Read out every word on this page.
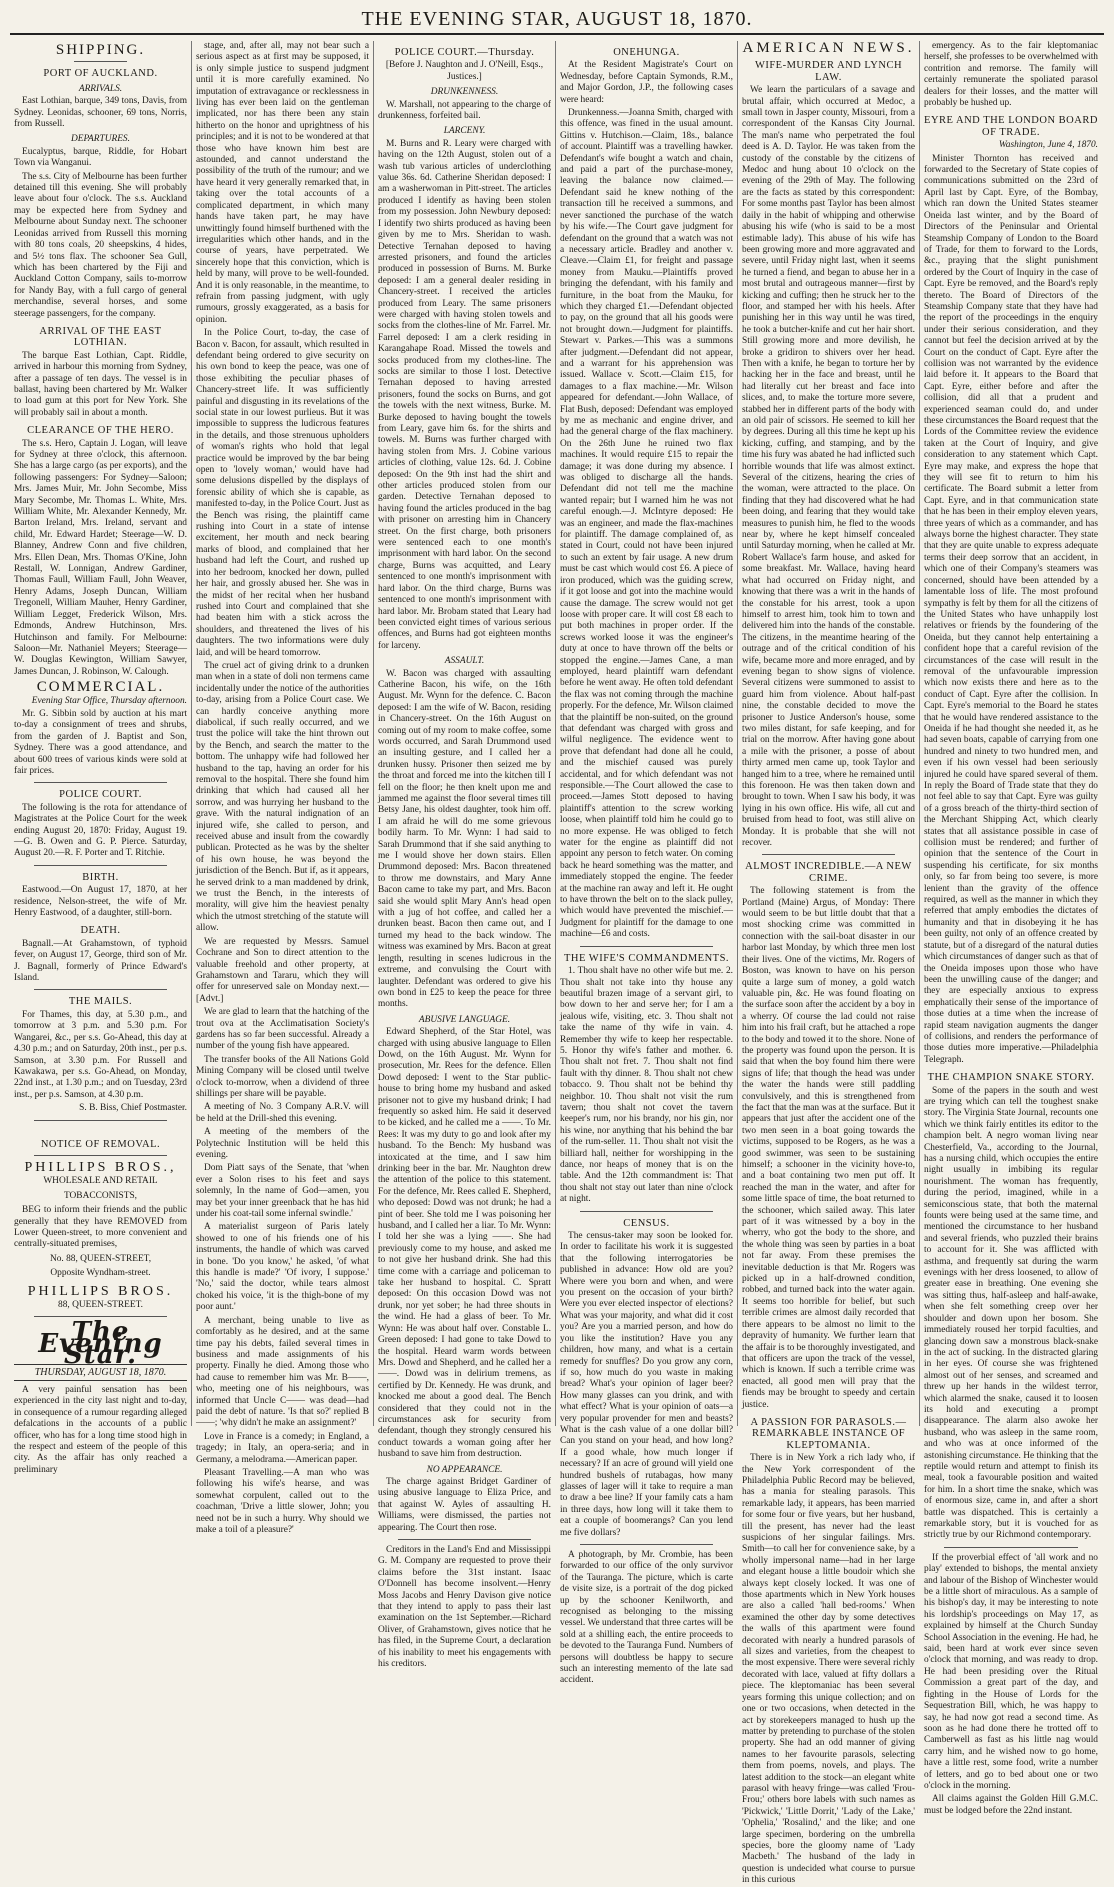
THE EVENING STAR, AUGUST 18, 1870.
SHIPPING.
PORT OF AUCKLAND.
ARRIVALS.

East Lothian, barque, 349 tons, Davis, from Sydney. Leonidas, schooner, 69 tons, Norris, from Russell.

DEPARTURES.

Eucalyptus, barque, Riddle, for Hobart Town via Wanganui.

The s.s. City of Melbourne has been further detained till this evening. She will probably leave about four o'clock. The s.s. Auckland may be expected here from Sydney and Melbourne about Sunday next. The schooner Leonidas arrived from Russell this morning with 80 tons coals, 20 sheepskins, 4 hides, and 5½ tons flax. The schooner Sea Gull, which has been chartered by the Fiji and Auckland Cotton Company, sails to-morrow for Nandy Bay, with a full cargo of general merchandise, several horses, and some steerage passengers, for the company.

ARRIVAL OF THE EAST LOTHIAN.

The barque East Lothian, Capt. Riddle, arrived in harbour this morning from Sydney, after a passage of ten days. The vessel is in ballast, having been chartered by Mr. Walker to load gum at this port for New York. She will probably sail in about a month.

CLEARANCE OF THE HERO.

The s.s. Hero, Captain J. Logan, will leave for Sydney at three o'clock, this afternoon. She has a large cargo (as per exports), and the following passengers: For Sydney—Saloon; Mrs. James Muir, Mr. John Secombe, Miss Mary Secombe, Mr. Thomas L. White, Mrs. William White, Mr. Alexander Kennedy, Mr. Barton Ireland, Mrs. Ireland, servant and child, Mr. Edward Hardet; Steerage—W. D. Blanney, Andrew Conn and five children, Mrs. Ellen Dean, Mrs. Thomas O'Kine, John Restall, W. Lonnigan, Andrew Gardiner, Thomas Faull, William Faull, John Weaver, Henry Adams, Joseph Duncan, William Tregonell, William Mauher, Henry Gardiner, William Legget, Frederick Wilson, Mrs. Edmonds, Andrew Hutchinson, Mrs. Hutchinson and family. For Melbourne: Saloon—Mr. Nathaniel Meyers; Steerage—W. Douglas Kewington, William Sawyer, James Duncan, J. Robinson, W. Calough.

COMMERCIAL.

Evening Star Office, Thursday afternoon.

Mr. G. Sibbin sold by auction at his mart to-day a consignment of trees and shrubs, from the garden of J. Baptist and Son, Sydney. There was a good attendance, and about 600 trees of various kinds were sold at fair prices.

POLICE COURT.

The following is the rota for attendance of Magistrates at the Police Court for the week ending August 20, 1870: Friday, August 19.—G. B. Owen and G. P. Pierce. Saturday, August 20.—R. F. Porter and T. Ritchie.

BIRTH.

Eastwood.—On August 17, 1870, at her residence, Nelson-street, the wife of Mr. Henry Eastwood, of a daughter, still-born.

DEATH.

Bagnall.—At Grahamstown, of typhoid fever, on August 17, George, third son of Mr. J. Bagnall, formerly of Prince Edward's Island.

THE MAILS.

For Thames, this day, at 5.30 p.m., and tomorrow at 3 p.m. and 5.30 p.m. For Wangarei, &c., per s.s. Go-Ahead, this day at 4.30 p.m.; and on Saturday, 20th inst., per p.s. Samson, at 3.30 p.m. For Russell and Kawakawa, per s.s. Go-Ahead, on Monday, 22nd inst., at 1.30 p.m.; and on Tuesday, 23rd inst., per p.s. Samson, at 4.30 p.m.

S. B. Biss, Chief Postmaster.

NOTICE OF REMOVAL.
PHILLIPS BROS.,
WHOLESALE AND RETAIL
TOBACCONISTS,

BEG to inform their friends and the public generally that they have REMOVED from Lower Queen-street, to more convenient and centrally-situated premises,

No. 88, QUEEN-STREET,
Opposite Wyndham-street.
PHILLIPS BROS.
88, QUEEN-STREET.
The Evening Star.
THURSDAY, AUGUST 18, 1870.

A very painful sensation has been experienced in the city last night and to-day, in consequence of a rumour regarding alleged defalcations in the accounts of a public officer, who has for a long time stood high in the respect and esteem of the people of this city. As the affair has only reached a preliminary

stage, and, after all, may not bear such a serious aspect as at first may be supposed, it is only simple justice to suspend judgment until it is more carefully examined. No imputation of extravagance or recklessness in living has ever been laid on the gentleman implicated, nor has there been any stain hitherto on the honor and uprightness of his principles; and it is not to be wondered at that those who have known him best are astounded, and cannot understand the possibility of the truth of the rumour; and we have heard it very generally remarked that, in taking over the total accounts of a complicated department, in which many hands have taken part, he may have unwittingly found himself burthened with the irregularities which other hands, and in the course of years, have perpetrated. We sincerely hope that this conviction, which is held by many, will prove to be well-founded. And it is only reasonable, in the meantime, to refrain from passing judgment, with ugly rumours, grossly exaggerated, as a basis for opinion.

In the Police Court, to-day, the case of Bacon v. Bacon, for assault, which resulted in defendant being ordered to give security on his own bond to keep the peace, was one of those exhibiting the peculiar phases of Chancery-street life. It was sufficiently painful and disgusting in its revelations of the social state in our lowest purlieus. But it was impossible to suppress the ludicrous features in the details, and those strenuous upholders of woman's rights who hold that legal practice would be improved by the bar being open to 'lovely woman,' would have had some delusions dispelled by the displays of forensic ability of which she is capable, as manifested to-day, in the Police Court. Just as the Bench was rising, the plaintiff came rushing into Court in a state of intense excitement, her mouth and neck bearing marks of blood, and complained that her husband had left the Court, and rushed up into her bedroom, knocked her down, pulled her hair, and grossly abused her. She was in the midst of her recital when her husband rushed into Court and complained that she had beaten him with a stick across the shoulders, and threatened the lives of his daughters. The two informations were duly laid, and will be heard tomorrow.

The cruel act of giving drink to a drunken man when in a state of doli non termens came incidentally under the notice of the authorities to-day, arising from a Police Court case. We can hardly conceive anything more diabolical, if such really occurred, and we trust the police will take the hint thrown out by the Bench, and search the matter to the bottom. The unhappy wife had followed her husband to the tap, having an order for his removal to the hospital. There she found him drinking that which had caused all her sorrow, and was hurrying her husband to the grave. With the natural indignation of an injured wife, she called to person, and received abuse and insult from the cowardly publican. Protected as he was by the shelter of his own house, he was beyond the jurisdiction of the Bench. But if, as it appears, he served drink to a man maddened by drink, we trust the Bench, in the interests of morality, will give him the heaviest penalty which the utmost stretching of the statute will allow.

We are requested by Messrs. Samuel Cochrane and Son to direct attention to the valuable freehold and other property, at Grahamstown and Tararu, which they will offer for unreserved sale on Monday next.—[Advt.]

We are glad to learn that the hatching of the trout ova at the Acclimatisation Society's gardens has so far been successful. Already a number of the young fish have appeared.

The transfer books of the All Nations Gold Mining Company will be closed until twelve o'clock to-morrow, when a dividend of three shillings per share will be payable.

A meeting of No. 3 Company A.R.V. will be held at the Drill-shed this evening.

A meeting of the members of the Polytechnic Institution will be held this evening.

Dom Piatt says of the Senate, that 'when ever a Solon rises to his feet and says solemnly, In the name of God—amen, you may bet your inner greenback that he has hid under his coat-tail some infernal swindle.'

A materialist surgeon of Paris lately showed to one of his friends one of his instruments, the handle of which was carved in bone. 'Do you know,' he asked, 'of what this handle is made?' 'Of ivory, I suppose.' 'No,' said the doctor, while tears almost choked his voice, 'it is the thigh-bone of my poor aunt.'

A merchant, being unable to live as comfortably as he desired, and at the same time pay his debts, failed several times in business and made assignments of his property. Finally he died. Among those who had cause to remember him was Mr. B——, who, meeting one of his neighbours, was informed that Uncle C—— was dead—had paid the debt of nature. 'Is that so?' replied B——; 'why didn't he make an assignment?'

Love in France is a comedy; in England, a tragedy; in Italy, an opera-seria; and in Germany, a melodrama.—American paper.

Pleasant Travelling.—A man who was following his wife's hearse, and was somewhat corpulent, called out to the coachman, 'Drive a little slower, John; you need not be in such a hurry. Why should we make a toil of a pleasure?'

POLICE COURT.—Thursday.

[Before J. Naughton and J. O'Neill, Esqs., Justices.]

DRUNKENNESS.

W. Marshall, not appearing to the charge of drunkenness, forfeited bail.

LARCENY.

M. Burns and R. Leary were charged with having on the 12th August, stolen out of a wash tub various articles of underclothing value 36s. 6d. Catherine Sheridan deposed: I am a washerwoman in Pitt-street. The articles produced I identify as having been stolen from my possession. John Newbury deposed: I identify two shirts produced as having been given by me to Mrs. Sheridan to wash. Detective Ternahan deposed to having arrested prisoners, and found the articles produced in possession of Burns. M. Burke deposed: I am a general dealer residing in Chancery-street. I received the articles produced from Leary. The same prisoners were charged with having stolen towels and socks from the clothes-line of Mr. Farrel. Mr. Farrel deposed: I am a clerk residing in Karangahape Road. Missed the towels and socks produced from my clothes-line. The socks are similar to those I lost. Detective Ternahan deposed to having arrested prisoners, found the socks on Burns, and got the towels with the next witness, Burke. M. Burke deposed to having bought the towels from Leary, gave him 6s. for the shirts and towels. M. Burns was further charged with having stolen from Mrs. J. Cobine various articles of clothing, value 12s. 6d. J. Cobine deposed: On the 9th inst had the shirt and other articles produced stolen from our garden. Detective Ternahan deposed to having found the articles produced in the bag with prisoner on arresting him in Chancery street. On the first charge, both prisoners were sentenced each to one month's imprisonment with hard labor. On the second charge, Burns was acquitted, and Leary sentenced to one month's imprisonment with hard labor. On the third charge, Burns was sentenced to one month's imprisonment with hard labor. Mr. Brobam stated that Leary had been convicted eight times of various serious offences, and Burns had got eighteen months for larceny.

ASSAULT.

W. Bacon was charged with assaulting Catherine Bacon, his wife, on the 16th August. Mr. Wynn for the defence. C. Bacon deposed: I am the wife of W. Bacon, residing in Chancery-street. On the 16th August on coming out of my room to make coffee, some words occurred, and Sarah Drummond used an insulting gesture, and I called her a drunken hussy. Prisoner then seized me by the throat and forced me into the kitchen till I fell on the floor; he then knelt upon me and jammed me against the floor several times till Betsy Jane, his oldest daughter, took him off. I am afraid he will do me some grievous bodily harm. To Mr. Wynn: I had said to Sarah Drummond that if she said anything to me I would shove her down stairs. Ellen Drummond deposed: Mrs. Bacon threatened to throw me downstairs, and Mary Anne Bacon came to take my part, and Mrs. Bacon said she would split Mary Ann's head open with a jug of hot coffee, and called her a drunken beast. Bacon then came out, and I turned my head to the back window. The witness was examined by Mrs. Bacon at great length, resulting in scenes ludicrous in the extreme, and convulsing the Court with laughter. Defendant was ordered to give his own bond in £25 to keep the peace for three months.

ABUSIVE LANGUAGE.

Edward Shepherd, of the Star Hotel, was charged with using abusive language to Ellen Dowd, on the 16th August. Mr. Wynn for prosecution, Mr. Rees for the defence. Ellen Dowd deposed: I went to the Star public-house to bring home my husband and asked prisoner not to give my husband drink; I had frequently so asked him. He said it deserved to be kicked, and he called me a ——. To Mr. Rees: It was my duty to go and look after my husband. To the Bench: My husband was intoxicated at the time, and I saw him drinking beer in the bar. Mr. Naughton drew the attention of the police to this statement. For the defence, Mr. Rees called E. Shepherd, who deposed: Dowd was not drunk; he had a pint of beer. She told me I was poisoning her husband, and I called her a liar. To Mr. Wynn: I told her she was a lying ——. She had previously come to my house, and asked me to not give her husband drink. She had this time come with a carriage and policeman to take her husband to hospital. C. Spratt deposed: On this occasion Dowd was not drunk, nor yet sober; he had three shouts in the wind. He had a glass of beer. To Mr. Wynn: He was about half over. Constable L. Green deposed: I had gone to take Dowd to the hospital. Heard warm words between Mrs. Dowd and Shepherd, and he called her a ——. Dowd was in delirium tremens, as certified by Dr. Kennedy. He was drunk, and knocked me about a good deal. The Bench considered that they could not in the circumstances ask for security from defendant, though they strongly censured his conduct towards a woman going after her husband to save him from destruction.

NO APPEARANCE.

The charge against Bridget Gardiner of using abusive language to Eliza Price, and that against W. Ayles of assaulting H. Williams, were dismissed, the parties not appearing. The Court then rose.

Creditors in the Land's End and Mississippi G. M. Company are requested to prove their claims before the 31st instant. Isaac O'Donnell has become insolvent.—Henry Moss Jacobs and Henry Davison give notice that they intend to apply to pass their last examination on the 1st September.—Richard Oliver, of Grahamstown, gives notice that he has filed, in the Supreme Court, a declaration of his inability to meet his engagements with his creditors.

ONEHUNGA.

At the Resident Magistrate's Court on Wednesday, before Captain Symonds, R.M., and Major Gordon, J.P., the following cases were heard:

Drunkenness.—Joanna Smith, charged with this offence, was fined in the usual amount. Gittins v. Hutchison.—Claim, 18s., balance of account. Plaintiff was a travelling hawker. Defendant's wife bought a watch and chain, and paid a part of the purchase-money, leaving the balance now claimed.—Defendant said he knew nothing of the transaction till he received a summons, and never sanctioned the purchase of the watch by his wife.—The Court gave judgment for defendant on the ground that a watch was not a necessary article. Bradley and another v. Cleave.—Claim £1, for freight and passage money from Mauku.—Plaintiffs proved bringing the defendant, with his family and furniture, in the boat from the Mauku, for which they charged £1.—Defendant objected to pay, on the ground that all his goods were not brought down.—Judgment for plaintiffs. Stewart v. Parkes.—This was a summons after judgment.—Defendant did not appear, and a warrant for his apprehension was issued. Wallace v. Scott.—Claim £15, for damages to a flax machine.—Mr. Wilson appeared for defendant.—John Wallace, of Flat Bush, deposed: Defendant was employed by me as mechanic and engine driver, and had the general charge of the flax machinery. On the 26th June he ruined two flax machines. It would require £15 to repair the damage; it was done during my absence. I was obliged to discharge all the hands. Defendant did not tell me the machine wanted repair; but I warned him he was not careful enough.—J. McIntyre deposed: He was an engineer, and made the flax-machines for plaintiff. The damage complained of, as stated in Court, could not have been injured to such an extent by fair usage. A new drum must be cast which would cost £6. A piece of iron produced, which was the guiding screw, if it got loose and got into the machine would cause the damage. The screw would not get loose with proper care. It will cost £8 each to put both machines in proper order. If the screws worked loose it was the engineer's duty at once to have thrown off the belts or stopped the engine.—James Cane, a man employed, heard plaintiff warn defendant before he went away. He often told defendant the flax was not coming through the machine properly. For the defence, Mr. Wilson claimed that the plaintiff be non-suited, on the ground that defendant was charged with gross and wilful negligence. The evidence went to prove that defendant had done all he could, and the mischief caused was purely accidental, and for which defendant was not responsible.—The Court allowed the case to proceed.—James Stott deposed to having plaintiff's attention to the screw working loose, when plaintiff told him he could go to no more expense. He was obliged to fetch water for the engine as plaintiff did not appoint any person to fetch water. On coming back he heard something was the matter, and immediately stopped the engine. The feeder at the machine ran away and left it. He ought to have thrown the belt on to the slack pulley, which would have prevented the mischief.—Judgment for plaintiff for the damage to one machine—£6 and costs.

THE WIFE'S COMMANDMENTS.

1. Thou shalt have no other wife but me. 2. Thou shalt not take into thy house any beautiful brazen image of a servant girl, to bow down to her and serve her; for I am a jealous wife, visiting, etc. 3. Thou shalt not take the name of thy wife in vain. 4. Remember thy wife to keep her respectable. 5. Honor thy wife's father and mother. 6. Thou shalt not fret. 7. Thou shalt not find fault with thy dinner. 8. Thou shalt not chew tobacco. 9. Thou shalt not be behind thy neighbor. 10. Thou shalt not visit the rum tavern; thou shalt not covet the tavern keeper's rum, nor his brandy, nor his gin, nor his wine, nor anything that his behind the bar of the rum-seller. 11. Thou shalt not visit the billiard hall, neither for worshipping in the dance, nor heaps of money that is on the table. And the 12th commandment is: That thou shalt not stay out later than nine o'clock at night.

CENSUS.

The census-taker may soon be looked for. In order to facilitate his work it is suggested that the following interrogatories be published in advance: How old are you? Where were you born and when, and were you present on the occasion of your birth? Were you ever elected inspector of elections? What was your majority, and what did it cost you? Are you a married person, and how do you like the institution? Have you any children, how many, and what is a certain remedy for snuffles? Do you grow any corn, if so, how much do you waste in making bread? What's your opinion of lager beer? How many glasses can you drink, and with what effect? What is your opinion of oats—a very popular provender for men and beasts? What is the cash value of a one dollar bill? Can you stand on your head, and how long? If a good whale, how much longer if necessary? If an acre of ground will yield one hundred bushels of rutabagas, how many glasses of lager will it take to require a man to draw a bee line? If your family cats a ham in three days, how long will it take them to eat a couple of boomerangs? Can you lend me five dollars?

A photograph, by Mr. Crombie, has been forwarded to our office of the only survivor of the Tauranga. The picture, which is carte de visite size, is a portrait of the dog picked up by the schooner Kenilworth, and recognised as belonging to the missing vessel. We understand that three cartes will be sold at a shilling each, the entire proceeds to be devoted to the Tauranga Fund. Numbers of persons will doubtless be happy to secure such an interesting memento of the late sad accident.

AMERICAN NEWS.
WIFE-MURDER AND LYNCH LAW.

We learn the particulars of a savage and brutal affair, which occurred at Medoc, a small town in Jasper county, Missouri, from a correspondent of the Kansas City Journal. The man's name who perpetrated the foul deed is A. D. Taylor. He was taken from the custody of the constable by the citizens of Medoc and hung about 10 o'clock on the evening of the 29th of May. The following are the facts as stated by this correspondent: For some months past Taylor has been almost daily in the habit of whipping and otherwise abusing his wife (who is said to be a most estimable lady). This abuse of his wife has been growing more and more aggravated and severe, until Friday night last, when it seems he turned a fiend, and began to abuse her in a most brutal and outrageous manner—first by kicking and cuffing; then he struck her to the floor, and stamped her with his heels. After punishing her in this way until he was tired, he took a butcher-knife and cut her hair short. Still growing more and more devilish, he broke a gridiron to shivers over her head. Then with a knife, he began to torture her by hacking her in the face and breast, until he had literally cut her breast and face into slices, and, to make the torture more severe, stabbed her in different parts of the body with an old pair of scissors. He seemed to kill her by degrees. During all this time he kept up his kicking, cuffing, and stamping, and by the time his fury was abated he had inflicted such horrible wounds that life was almost extinct. Several of the citizens, hearing the cries of the woman, were attracted to the place. On finding that they had discovered what he had been doing, and fearing that they would take measures to punish him, he fled to the woods near by, where he kept himself concealed until Saturday morning, when he called at Mr. Robert Wallace's farm house, and asked for some breakfast. Mr. Wallace, having heard what had occurred on Friday night, and knowing that there was a writ in the hands of the constable for his arrest, took a upon himself to arrest him, took him to town and delivered him into the hands of the constable. The citizens, in the meantime hearing of the outrage and of the critical condition of his wife, became more and more enraged, and by evening began to show signs of violence. Several citizens were summoned to assist to guard him from violence. About half-past nine, the constable decided to move the prisoner to Justice Anderson's house, some two miles distant, for safe keeping, and for trial on the morrow. After having gone about a mile with the prisoner, a posse of about thirty armed men came up, took Taylor and hanged him to a tree, where he remained until this forenoon. He was then taken down and brought to town. When I saw his body, it was lying in his own office. His wife, all cut and bruised from head to foot, was still alive on Monday. It is probable that she will not recover.

ALMOST INCREDIBLE.—A NEW CRIME.

The following statement is from the Portland (Maine) Argus, of Monday: There would seem to be but little doubt that that a most shocking crime was committed in connection with the sail-boat disaster in our harbor last Monday, by which three men lost their lives. One of the victims, Mr. Rogers of Boston, was known to have on his person quite a large sum of money, a gold watch valuable pin, &c. He was found floating on the surface soon after the accident by a boy in a wherry. Of course the lad could not raise him into his frail craft, but he attached a rope to the body and towed it to the shore. None of the property was found upon the person. It is said that when the boy found him there were signs of life; that though the head was under the water the hands were still paddling convulsively, and this is strengthened from the fact that the man was at the surface. But it appears that just after the accident one of the two men seen in a boat going towards the victims, supposed to be Rogers, as he was a good swimmer, was seen to be sustaining himself; a schooner in the vicinity hove-to, and a boat containing two men put off. It reached the man in the water, and after for some little space of time, the boat returned to the schooner, which sailed away. This later part of it was witnessed by a boy in the wherry, who got the body to the shore, and the whole thing was seen by parties in a boat not far away. From these premises the inevitable deduction is that Mr. Rogers was picked up in a half-drowned condition, robbed, and turned back into the water again. It seems too horrible for belief, but such terrible crimes are almost daily recorded that there appears to be almost no limit to the depravity of humanity. We further learn that the affair is to be thoroughly investigated, and that officers are upon the track of the vessel, which is known. If such a terrible crime was enacted, all good men will pray that the fiends may be brought to speedy and certain justice.

A PASSION FOR PARASOLS.—REMARKABLE INSTANCE OF KLEPTOMANIA.

There is in New York a rich lady who, if the New York correspondent of the Philadelphia Public Record may be believed, has a mania for stealing parasols. This remarkable lady, it appears, has been married for some four or five years, but her husband, till the present, has never had the least suspicions of her singular failings. Mrs. Smith—to call her for convenience sake, by a wholly impersonal name—had in her large and elegant house a little boudoir which she always kept closely locked. It was one of those apartments which in New York houses are also a called 'hall bed-rooms.' When examined the other day by some detectives the walls of this apartment were found decorated with nearly a hundred parasols of all sizes and varieties, from the cheapest to the most expensive. There were several richly decorated with lace, valued at fifty dollars a piece. The kleptomaniac has been several years forming this unique collection; and on one or two occasions, when detected in the act by storekeepers managed to hush up the matter by pretending to purchase of the stolen property. She had an odd manner of giving names to her favourite parasols, selecting them from poems, novels, and plays. The latest addition to the stock—an elegant white parasol with heavy fringe—was called 'Frou-Frou;' others bore labels with such names as 'Pickwick,' 'Little Dorrit,' 'Lady of the Lake,' 'Ophelia,' 'Rosalind,' and the like; and one large specimen, bordering on the umbrella species, bore the gloomy name of 'Lady Macbeth.' The husband of the lady in question is undecided what course to pursue in this curious

emergency. As to the fair kleptomaniac herself, she professes to be overwhelmed with contrition and remorse. The family will certainly remunerate the spoliated parasol dealers for their losses, and the matter will probably be hushed up.

EYRE AND THE LONDON BOARD OF TRADE.

Washington, June 4, 1870.

Minister Thornton has received and forwarded to the Secretary of State copies of communications submitted on the 23rd of April last by Capt. Eyre, of the Bombay, which ran down the United States steamer Oneida last winter, and by the Board of Directors of the Peninsular and Oriental Steamship Company of London to the Board of Trade, for them to forward to the Lords, &c., praying that the slight punishment ordered by the Court of Inquiry in the case of Capt. Eyre be removed, and the Board's reply thereto. The Board of Directors of the Steamship Company state that they have had the report of the proceedings in the enquiry under their serious consideration, and they cannot but feel the decision arrived at by the Court on the conduct of Capt. Eyre after the collision was not warranted by the evidence laid before it. It appears to the Board that Capt. Eyre, either before and after the collision, did all that a prudent and experienced seaman could do, and under these circumstances the Board request that the Lords of the Committee review the evidence taken at the Court of Inquiry, and give consideration to any statement which Capt. Eyre may make, and express the hope that they will see fit to return to him his certificate. The Board submit a letter from Capt. Eyre, and in that communication state that he has been in their employ eleven years, three years of which as a commander, and has always borne the highest character. They state that they are quite unable to express adequate terms their deep sorrow that an accident, in which one of their Company's steamers was concerned, should have been attended by a lamentable loss of life. The most profound sympathy is felt by them for all the citizens of the United States who have unhappily lost relatives or friends by the foundering of the Oneida, but they cannot help entertaining a confident hope that a careful revision of the circumstances of the case will result in the removal of the unfavourable impression which now exists there and here as to the conduct of Capt. Eyre after the collision. In Capt. Eyre's memorial to the Board he states that he would have rendered assistance to the Oneida if he had thought she needed it, as he had seven boats, capable of carrying from one hundred and ninety to two hundred men, and even if his own vessel had been seriously injured he could have spared several of them. In reply the Board of Trade state that they do not feel able to say that Capt. Eyre was guilty of a gross breach of the thirty-third section of the Merchant Shipping Act, which clearly states that all assistance possible in case of collision must be rendered; and further of opinion that the sentence of the Court in suspending his certificate, for six months only, so far from being too severe, is more lenient than the gravity of the offence required, as well as the manner in which they referred that amply embodies the dictates of humanity and that in disobeying it he has been guilty, not only of an offence created by statute, but of a disregard of the natural duties which circumstances of danger such as that of the Oneida imposes upon those who have been the unwilling cause of the danger; and they are especially anxious to express emphatically their sense of the importance of those duties at a time when the increase of rapid steam navigation augments the danger of collisions, and renders the performance of those duties more imperative.—Philadelphia Telegraph.

THE CHAMPION SNAKE STORY.

Some of the papers in the south and west are trying which can tell the toughest snake story. The Virginia State Journal, recounts one which we think fairly entitles its editor to the champion belt. A negro woman living near Chesterfield, Va., according to the Journal, has a nursing child, which occupies the entire night usually in imbibing its regular nourishment. The woman has frequently, during the period, imagined, while in a semiconscious state, that both the maternal founts were being used at the same time, and mentioned the circumstance to her husband and several friends, who puzzled their brains to account for it. She was afflicted with asthma, and frequently sat during the warm evenings with her dress loosened, to allow of greater ease in breathing. One evening she was sitting thus, half-asleep and half-awake, when she felt something creep over her shoulder and down upon her bosom. She immediately roused her torpid faculties, and glancing down saw a monstrous black-snake in the act of sucking. In the distracted glaring in her eyes. Of course she was frightened almost out of her senses, and screamed and threw up her hands in the wildest terror, which alarmed the snake, caused it to loosen its hold and executing a prompt disappearance. The alarm also awoke her husband, who was asleep in the same room, and who was at once informed of the astonishing circumstance. He thinking that the reptile would return and attempt to finish its meal, took a favourable position and waited for him. In a short time the snake, which was of enormous size, came in, and after a short battle was dispatched. This is certainly a remarkable story, but it is vouched for as strictly true by our Richmond contemporary.

If the proverbial effect of 'all work and no play' extended to bishops, the mental anxiety and labour of the Bishop of Winchester would be a little short of miraculous. As a sample of his bishop's day, it may be interesting to note his lordship's proceedings on May 17, as explained by himself at the Church Sunday School Association in the evening. He had, he said, been hard at work ever since seven o'clock that morning, and was ready to drop. He had been presiding over the Ritual Commission a great part of the day, and fighting in the House of Lords for the Sequestration Bill, which, he was happy to say, he had now got read a second time. As soon as he had done there he trotted off to Camberwell as fast as his little nag would carry him, and he wished now to go home, have a little rest, some food, write a number of letters, and go to bed about one or two o'clock in the morning.

All claims against the Golden Hill G.M.C. must be lodged before the 22nd instant.
